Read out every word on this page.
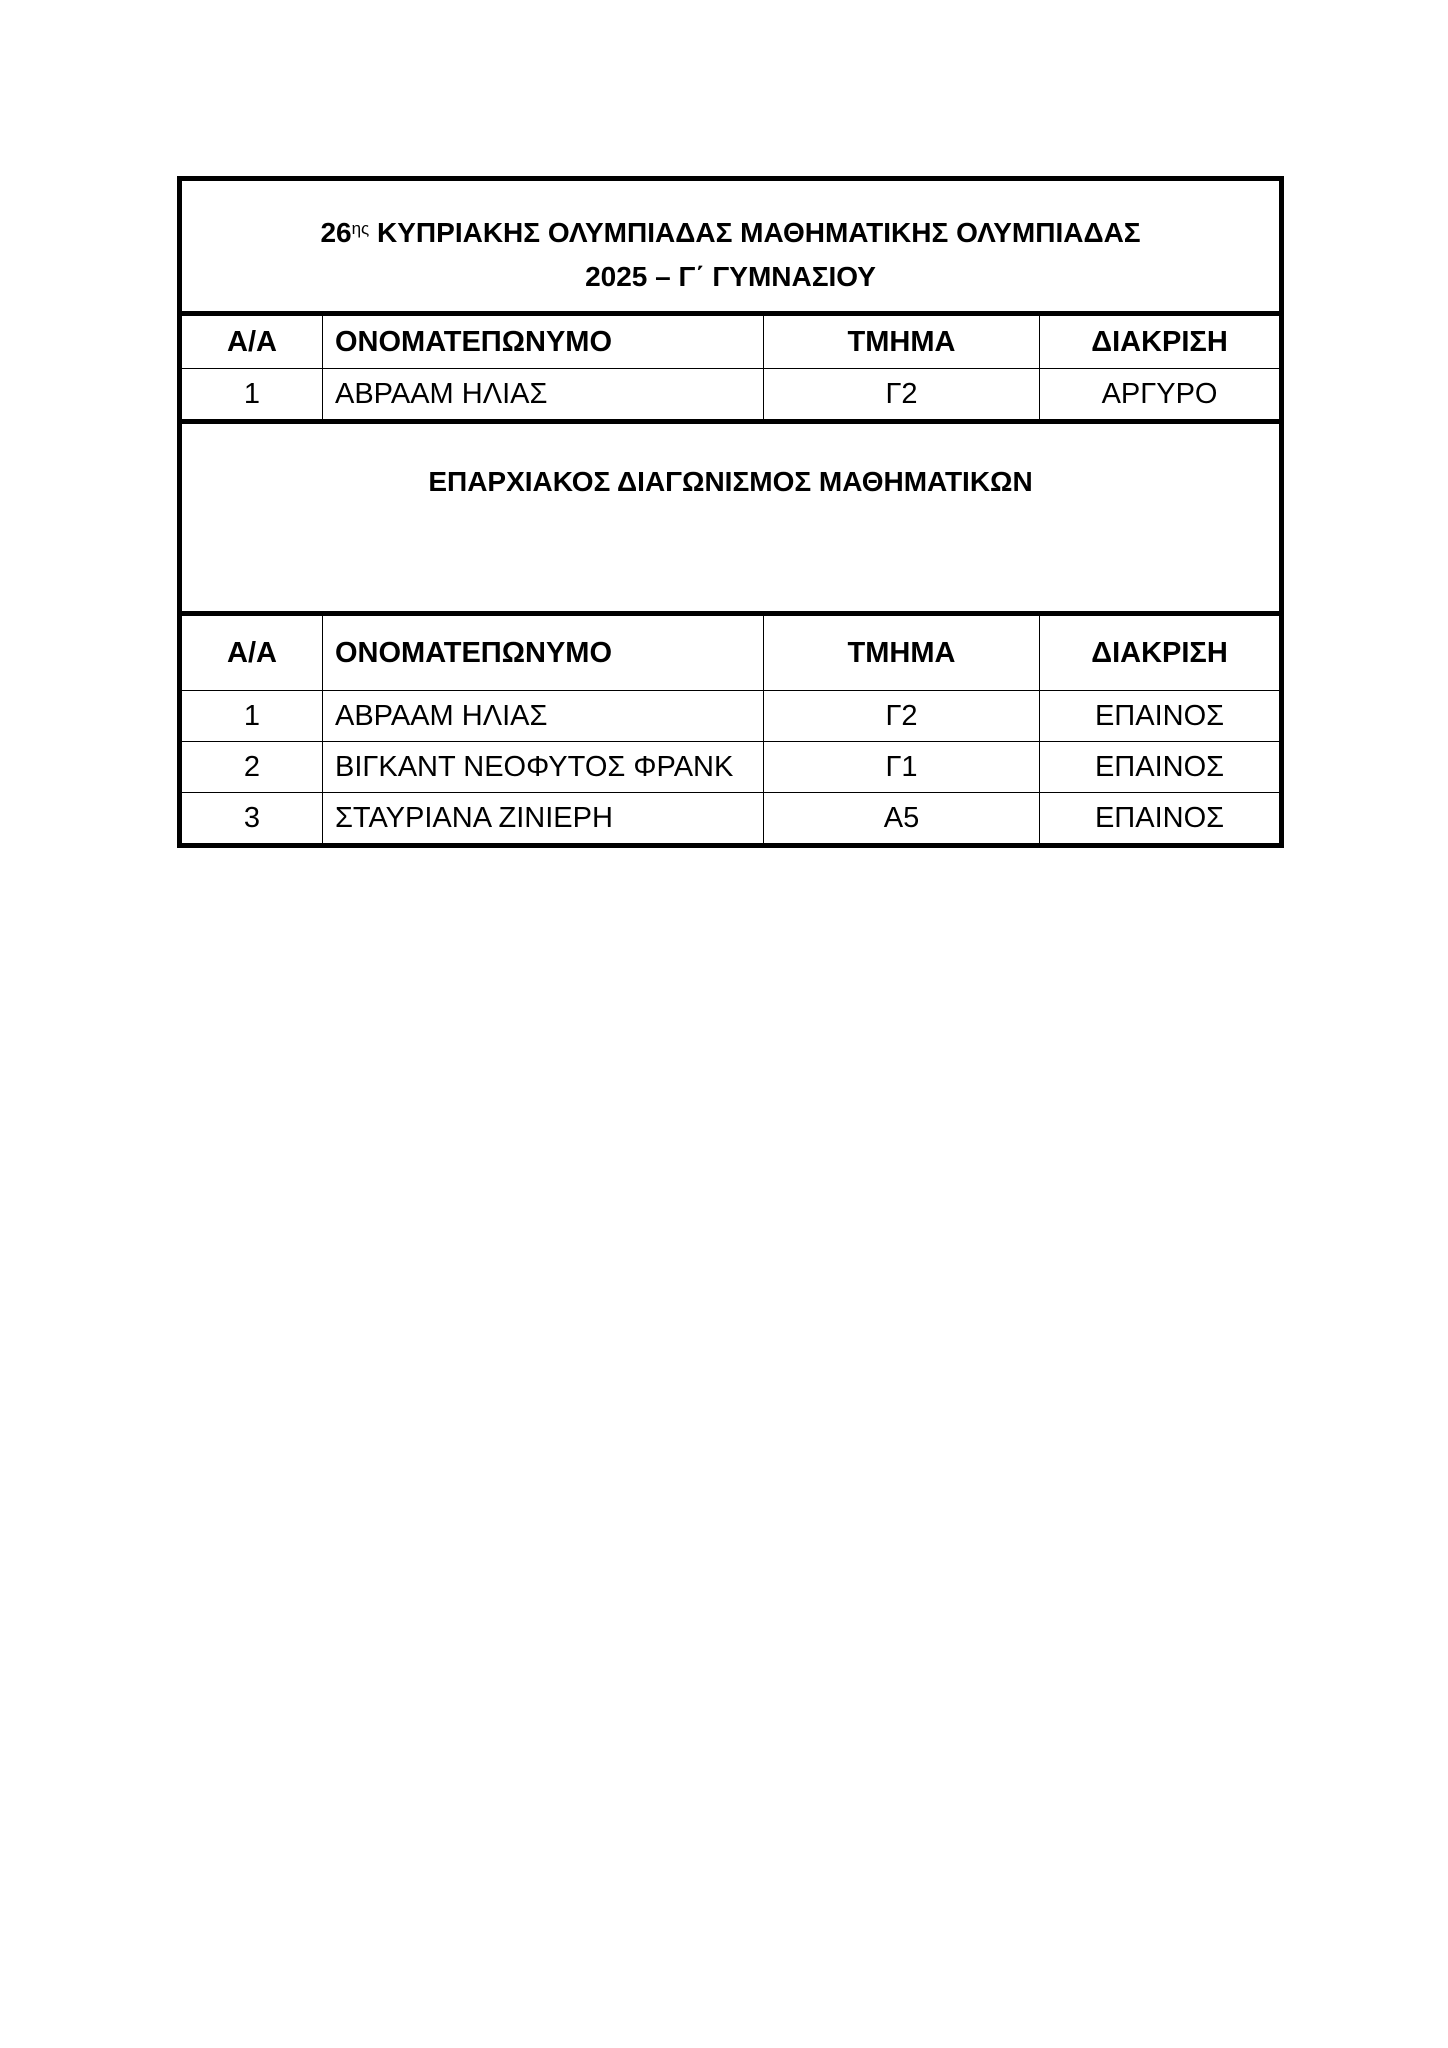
$26^{\eta\varsigma}$ ΚΥΠΡΙΑΚΗΣ ΟΛΥΜΠΙΑΔΑΣ ΜΑΘΗΜΑΤΙΚΗΣ ΟΛΥΜΠΙΑΔΑΣ
2025 – Γ΄ ΓΥΜΝΑΣΙΟΥ			
Α/Α	ΟΝΟΜΑΤΕΠΩΝΥΜΟ	ΤΜΗΜΑ	ΔΙΑΚΡΙΣΗ
1	ΑΒΡΑΑΜ ΗΛΙΑΣ	Γ2	ΑΡΓΥΡΟ
ΕΠΑΡΧΙΑΚΟΣ ΔΙΑΓΩΝΙΣΜΟΣ ΜΑΘΗΜΑΤΙΚΩΝ			
Α/Α	ΟΝΟΜΑΤΕΠΩΝΥΜΟ	ΤΜΗΜΑ	ΔΙΑΚΡΙΣΗ
1	ΑΒΡΑΑΜ ΗΛΙΑΣ	Γ2	ΕΠΑΙΝΟΣ
2	ΒΙΓΚΑΝΤ ΝΕΟΦΥΤΟΣ ΦΡΑΝΚ	Γ1	ΕΠΑΙΝΟΣ
3	ΣΤΑΥΡΙΑΝΑ ΖΙΝΙΕΡΗ	Α5	ΕΠΑΙΝΟΣ
